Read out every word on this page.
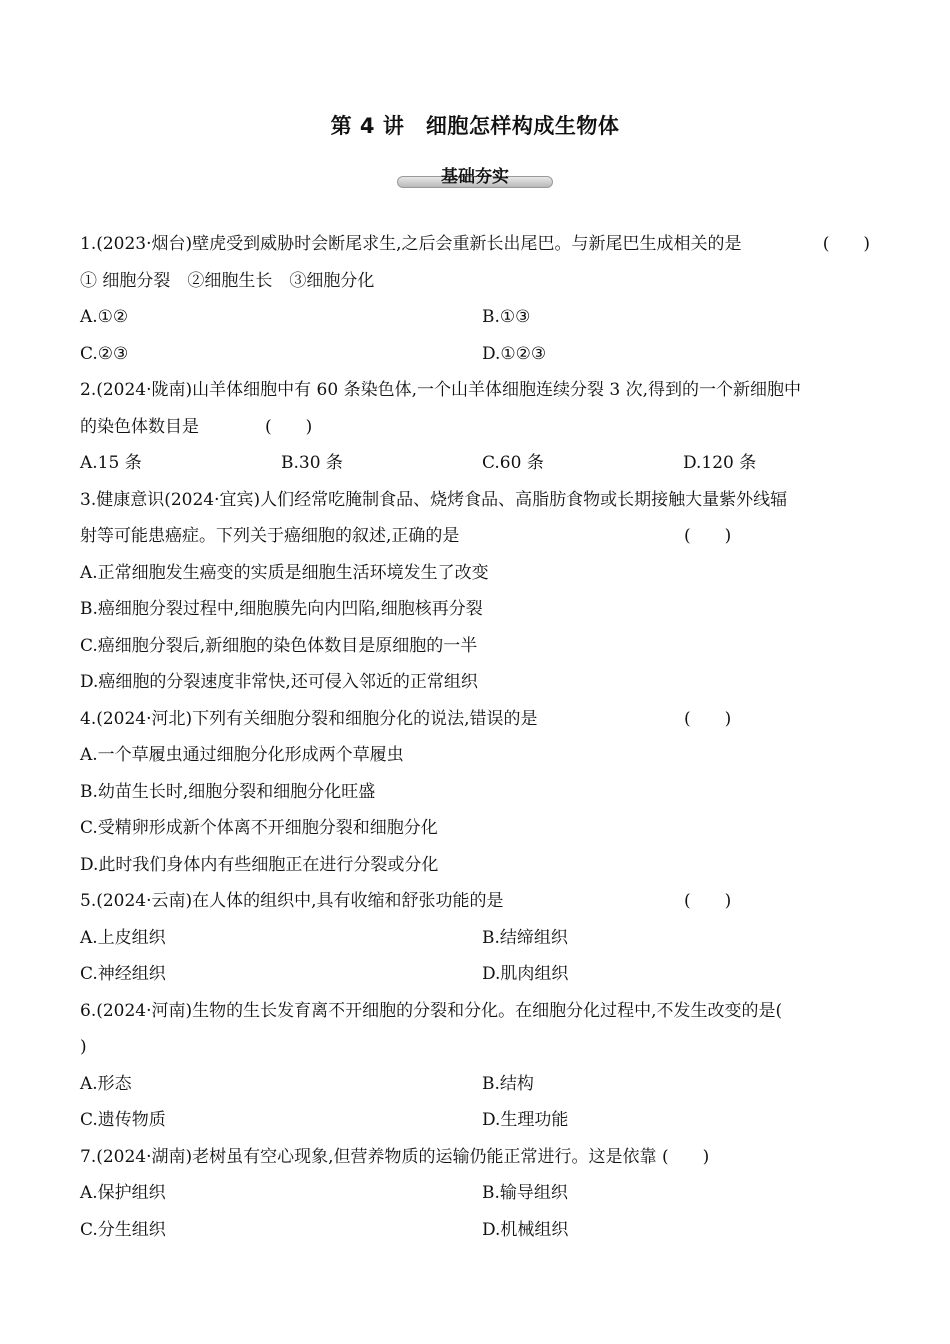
第 4 讲　细胞怎样构成生物体
基础夯实
1.(2023·烟台)壁虎受到威胁时会断尾求生,之后会重新长出尾巴。与新尾巴生成相关的是	(　　)
① 细胞分裂　②细胞生长　③细胞分化
A.①②	B.①③
C.②③	D.①②③
2.(2024·陇南)山羊体细胞中有 60 条染色体,一个山羊体细胞连续分裂 3 次,得到的一个新细胞中
的染色体数目是	(　　)
A.15 条	B.30 条	C.60 条	D.120 条
3.健康意识(2024·宜宾)人们经常吃腌制食品、烧烤食品、高脂肪食物或长期接触大量紫外线辐
射等可能患癌症。下列关于癌细胞的叙述,正确的是	(　　)
A.正常细胞发生癌变的实质是细胞生活环境发生了改变
B.癌细胞分裂过程中,细胞膜先向内凹陷,细胞核再分裂
C.癌细胞分裂后,新细胞的染色体数目是原细胞的一半
D.癌细胞的分裂速度非常快,还可侵入邻近的正常组织
4.(2024·河北)下列有关细胞分裂和细胞分化的说法,错误的是	(　　)
A.一个草履虫通过细胞分化形成两个草履虫
B.幼苗生长时,细胞分裂和细胞分化旺盛
C.受精卵形成新个体离不开细胞分裂和细胞分化
D.此时我们身体内有些细胞正在进行分裂或分化
5.(2024·云南)在人体的组织中,具有收缩和舒张功能的是	(　　)
A.上皮组织	B.结缔组织
C.神经组织	D.肌肉组织
6.(2024·河南)生物的生长发育离不开细胞的分裂和分化。在细胞分化过程中,不发生改变的是(
)
A.形态	B.结构
C.遗传物质	D.生理功能
7.(2024·湖南)老树虽有空心现象,但营养物质的运输仍能正常进行。这是依靠 (　　)
A.保护组织	B.输导组织
C.分生组织	D.机械组织
